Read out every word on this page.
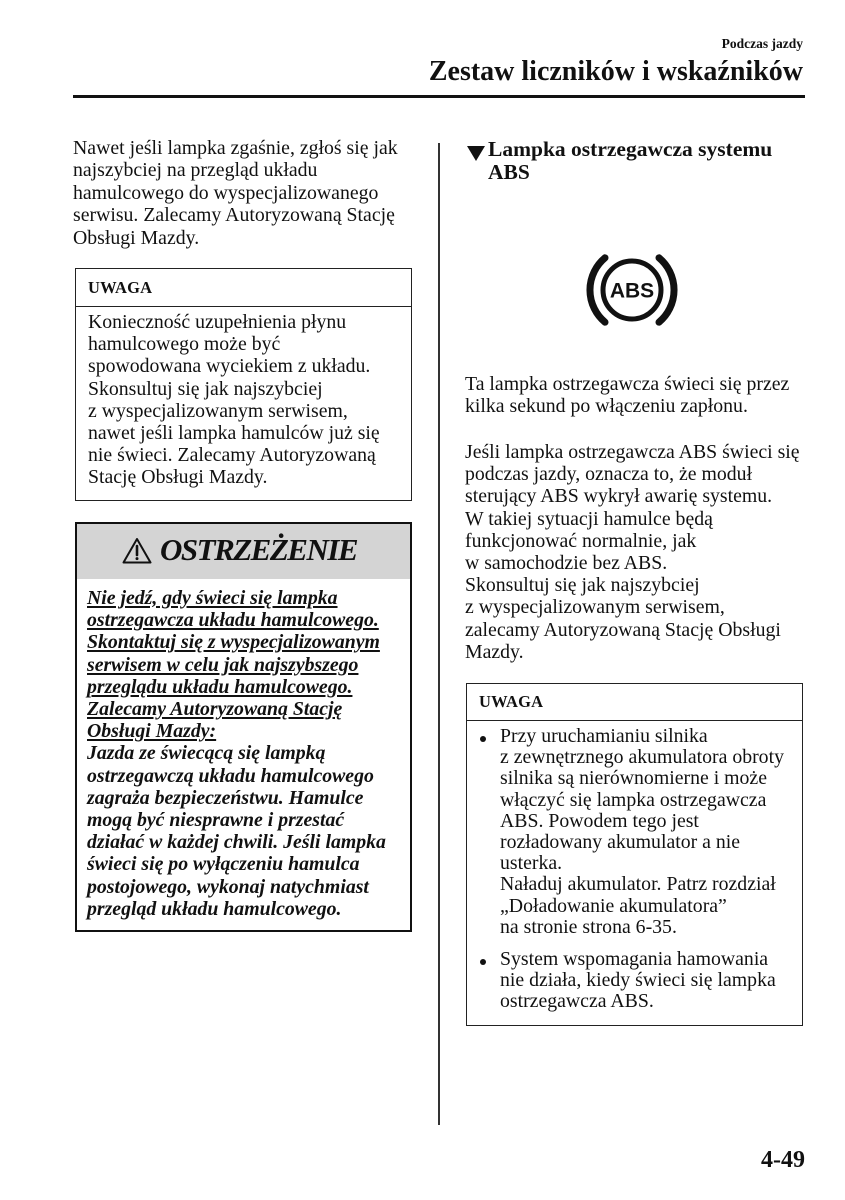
Podczas jazdy
Zestaw liczników i wskaźników
Nawet jeśli lampka zgaśnie, zgłoś się jak
najszybciej na przegląd układu
hamulcowego do wyspecjalizowanego
serwisu. Zalecamy Autoryzowaną Stację
Obsługi Mazdy.
UWAGA
Konieczność uzupełnienia płynu
hamulcowego może być
spowodowana wyciekiem z układu.
Skonsultuj się jak najszybciej
z wyspecjalizowanym serwisem,
nawet jeśli lampka hamulców już się
nie świeci. Zalecamy Autoryzowaną
Stację Obsługi Mazdy.
OSTRZEŻENIE
Nie jedź, gdy świeci się lampka
ostrzegawcza układu hamulcowego.
Skontaktuj się z wyspecjalizowanym
serwisem w celu jak najszybszego
przeglądu układu hamulcowego.
Zalecamy Autoryzowaną Stację
Obsługi Mazdy:
Jazda ze świecącą się lampką
ostrzegawczą układu hamulcowego
zagraża bezpieczeństwu. Hamulce
mogą być niesprawne i przestać
działać w każdej chwili. Jeśli lampka
świeci się po wyłączeniu hamulca
postojowego, wykonaj natychmiast
przegląd układu hamulcowego.
Lampka ostrzegawcza systemu
ABS
ABS
Ta lampka ostrzegawcza świeci się przez
kilka sekund po włączeniu zapłonu.
Jeśli lampka ostrzegawcza ABS świeci się
podczas jazdy, oznacza to, że moduł
sterujący ABS wykrył awarię systemu.
W takiej sytuacji hamulce będą
funkcjonować normalnie, jak
w samochodzie bez ABS.
Skonsultuj się jak najszybciej
z wyspecjalizowanym serwisem,
zalecamy Autoryzowaną Stację Obsługi
Mazdy.
UWAGA
Przy uruchamianiu silnika
z zewnętrznego akumulatora obroty
silnika są nierównomierne i może
włączyć się lampka ostrzegawcza
ABS. Powodem tego jest
rozładowany akumulator a nie
usterka.
Naładuj akumulator. Patrz rozdział
„Doładowanie akumulatora”
na stronie strona 6-35.
System wspomagania hamowania
nie działa, kiedy świeci się lampka
ostrzegawcza ABS.
4-49
